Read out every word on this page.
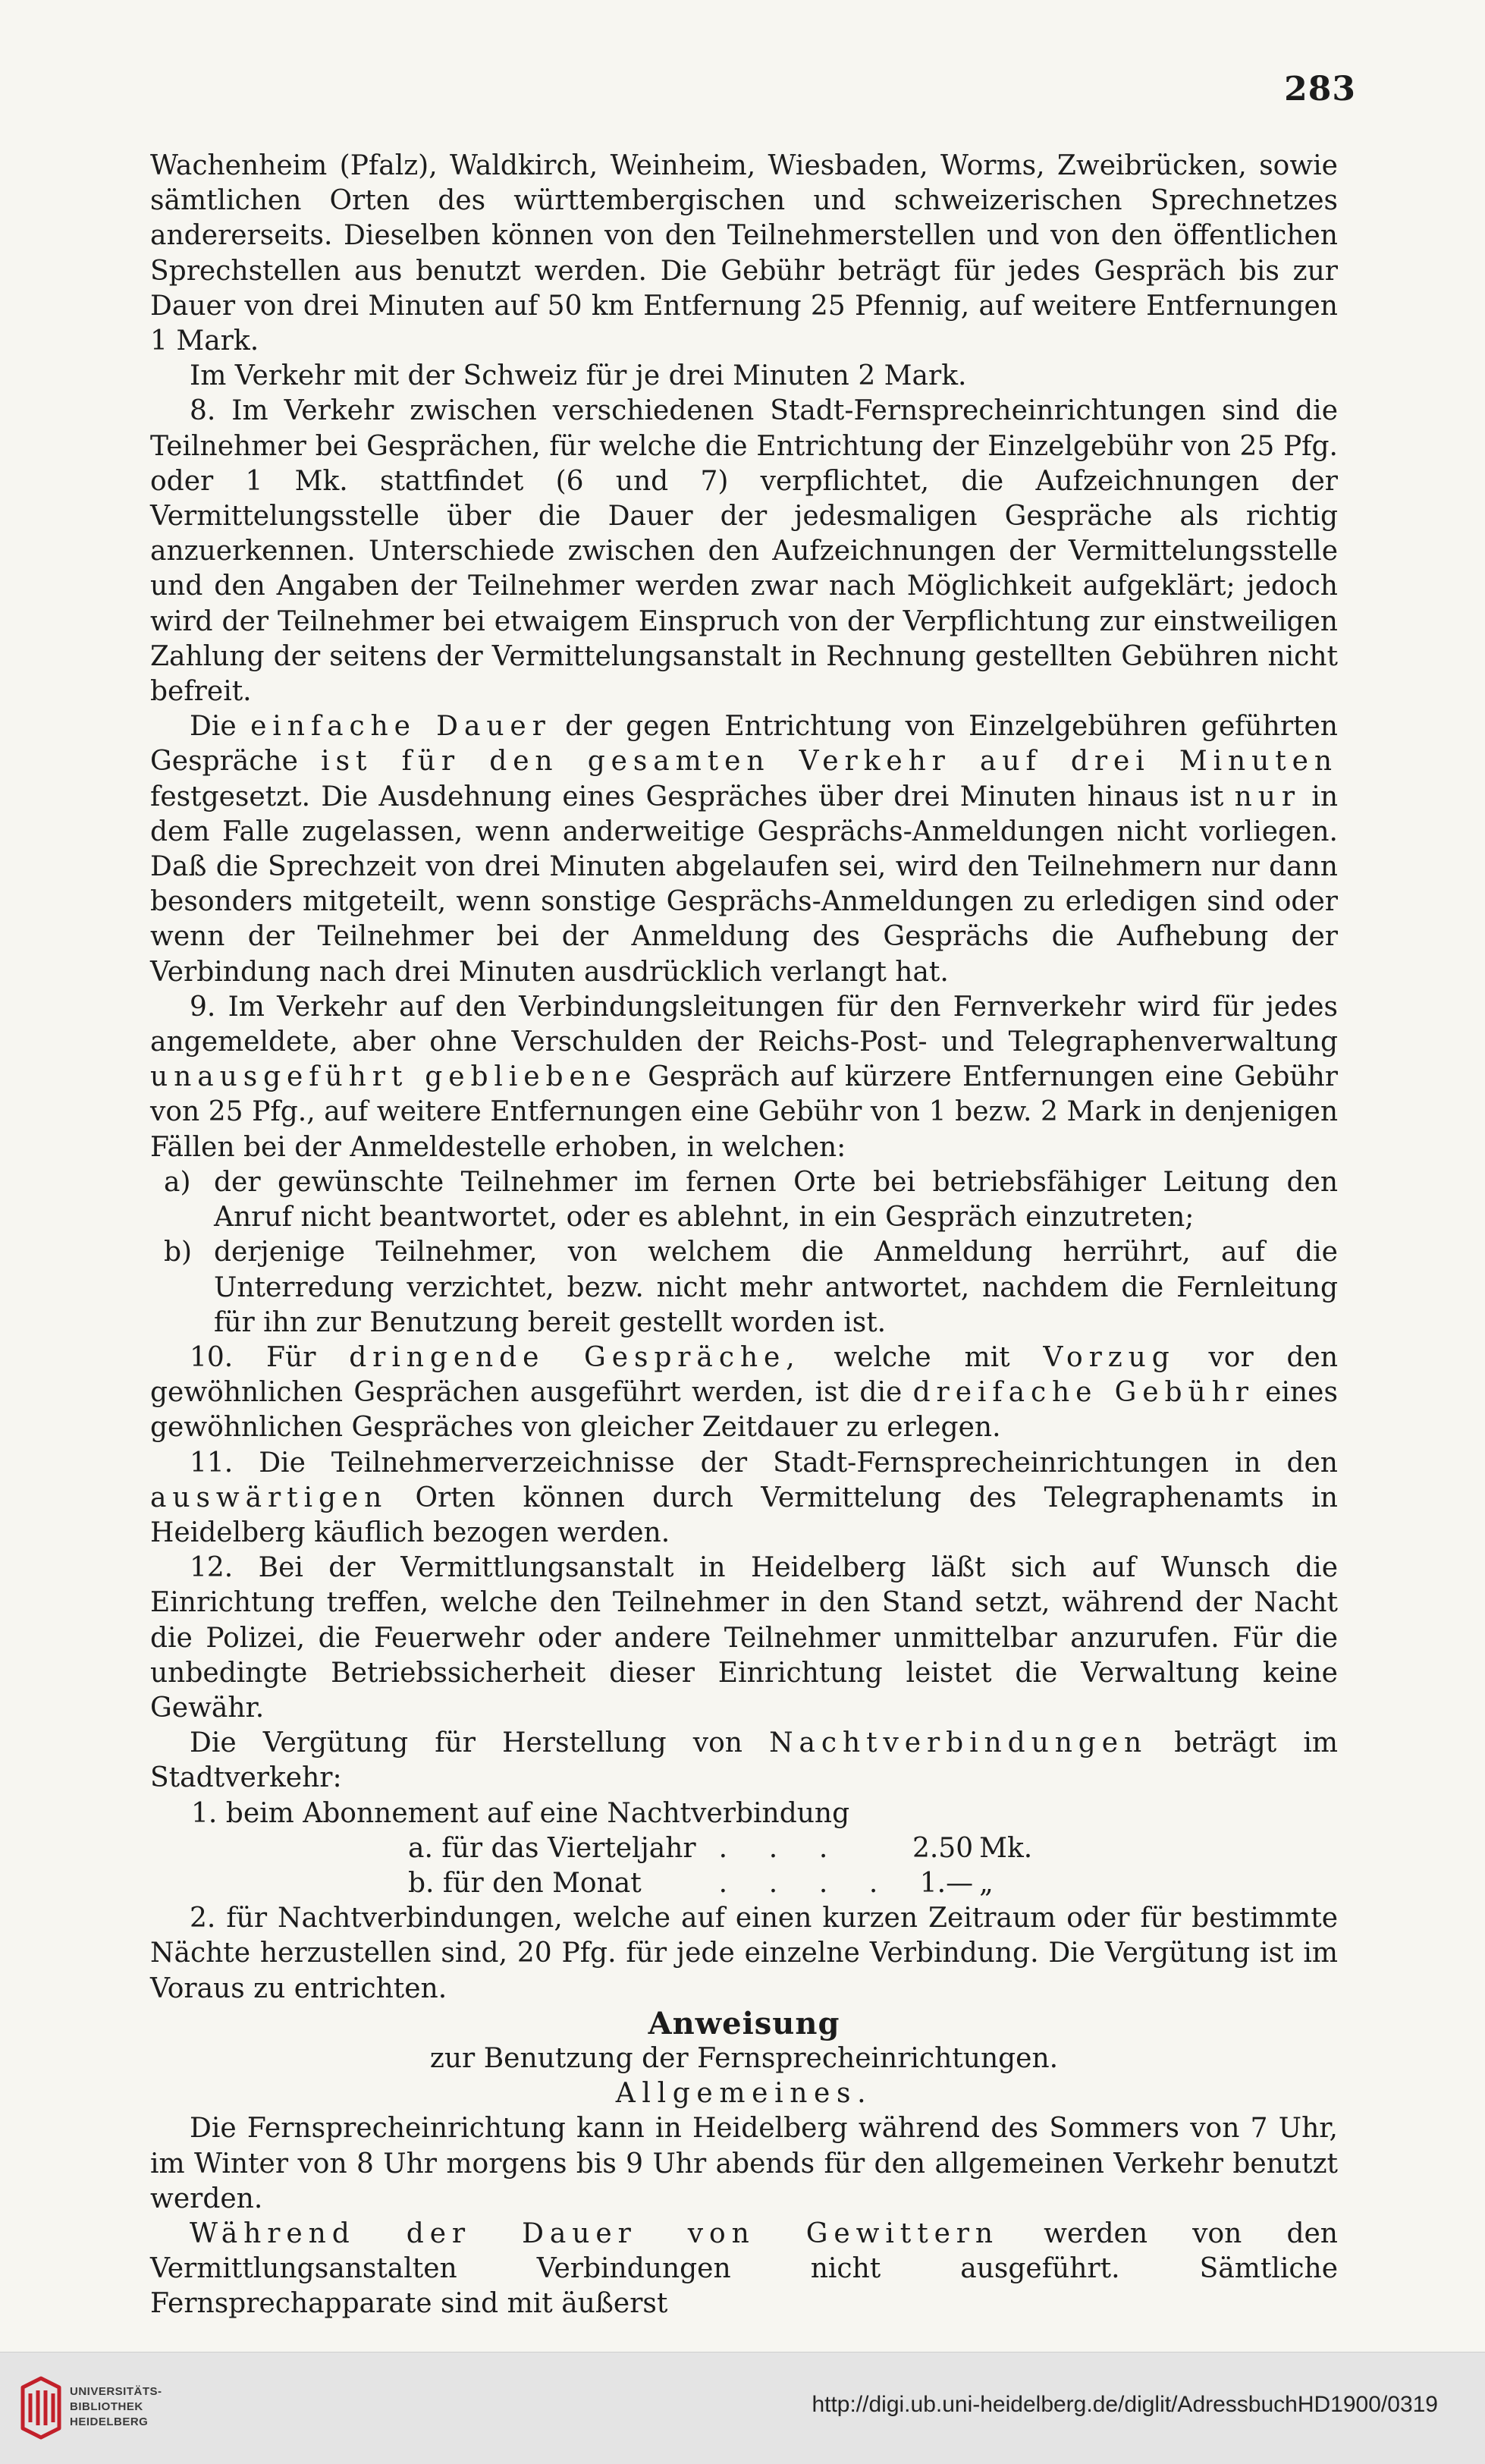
283

Wachenheim (Pfalz), Waldkirch, Weinheim, Wiesbaden, Worms, Zweibrücken, sowie sämtlichen Orten des württembergischen und schweizerischen Sprechnetzes andererseits. Dieselben können von den Teilnehmerstellen und von den öffentlichen Sprechstellen aus benutzt werden. Die Gebühr beträgt für jedes Gespräch bis zur Dauer von drei Minuten auf 50 km Entfernung 25 Pfennig, auf weitere Entfernungen 1 Mark.

Im Verkehr mit der Schweiz für je drei Minuten 2 Mark.

8. Im Verkehr zwischen verschiedenen Stadt-Fernsprecheinrichtungen sind die Teilnehmer bei Gesprächen, für welche die Entrichtung der Einzelgebühr von 25 Pfg. oder 1 Mk. stattfindet (6 und 7) verpflichtet, die Aufzeichnungen der Vermittelungsstelle über die Dauer der jedesmaligen Gespräche als richtig anzuerkennen. Unterschiede zwischen den Aufzeichnungen der Vermittelungsstelle und den Angaben der Teilnehmer werden zwar nach Möglichkeit aufgeklärt; jedoch wird der Teilnehmer bei etwaigem Einspruch von der Verpflichtung zur einstweiligen Zahlung der seitens der Vermittelungsanstalt in Rechnung gestellten Gebühren nicht befreit.

Die einfache Dauer der gegen Entrichtung von Einzelgebühren geführten Gespräche ist für den gesamten Verkehr auf drei Minuten festgesetzt. Die Ausdehnung eines Gespräches über drei Minuten hinaus ist nur in dem Falle zugelassen, wenn anderweitige Gesprächs-Anmeldungen nicht vorliegen. Daß die Sprechzeit von drei Minuten abgelaufen sei, wird den Teilnehmern nur dann besonders mitgeteilt, wenn sonstige Gesprächs-Anmeldungen zu erledigen sind oder wenn der Teilnehmer bei der Anmeldung des Gesprächs die Aufhebung der Verbindung nach drei Minuten ausdrücklich verlangt hat.

9. Im Verkehr auf den Verbindungsleitungen für den Fernverkehr wird für jedes angemeldete, aber ohne Verschulden der Reichs-Post- und Telegraphenverwaltung unausgeführt gebliebene Gespräch auf kürzere Entfernungen eine Gebühr von 25 Pfg., auf weitere Entfernungen eine Gebühr von 1 bezw. 2 Mark in denjenigen Fällen bei der Anmeldestelle erhoben, in welchen:

a) der gewünschte Teilnehmer im fernen Orte bei betriebsfähiger Leitung den Anruf nicht beantwortet, oder es ablehnt, in ein Gespräch einzutreten;

b) derjenige Teilnehmer, von welchem die Anmeldung herrührt, auf die Unterredung verzichtet, bezw. nicht mehr antwortet, nachdem die Fernleitung für ihn zur Benutzung bereit gestellt worden ist.

10. Für dringende Gespräche, welche mit Vorzug vor den gewöhnlichen Gesprächen ausgeführt werden, ist die dreifache Gebühr eines gewöhnlichen Gespräches von gleicher Zeitdauer zu erlegen.

11. Die Teilnehmerverzeichnisse der Stadt-Fernsprecheinrichtungen in den auswärtigen Orten können durch Vermittelung des Telegraphenamts in Heidelberg käuflich bezogen werden.

12. Bei der Vermittlungsanstalt in Heidelberg läßt sich auf Wunsch die Einrichtung treffen, welche den Teilnehmer in den Stand setzt, während der Nacht die Polizei, die Feuerwehr oder andere Teilnehmer unmittelbar anzurufen. Für die unbedingte Betriebssicherheit dieser Einrichtung leistet die Verwaltung keine Gewähr.

Die Vergütung für Herstellung von Nachtverbindungen beträgt im Stadtverkehr:

1. beim Abonnement auf eine Nachtverbindung

a. für das Vierteljahr	. . .	2.50	Mk.
b. für den Monat	. . . .	1.—	„

2. für Nachtverbindungen, welche auf einen kurzen Zeitraum oder für bestimmte Nächte herzustellen sind, 20 Pfg. für jede einzelne Verbindung. Die Vergütung ist im Voraus zu entrichten.

Anweisung

zur Benutzung der Fernsprecheinrichtungen.

Allgemeines.

Die Fernsprecheinrichtung kann in Heidelberg während des Sommers von 7 Uhr, im Winter von 8 Uhr morgens bis 9 Uhr abends für den allgemeinen Verkehr benutzt werden.

Während der Dauer von Gewittern werden von den Vermittlungsanstalten Verbindungen nicht ausgeführt. Sämtliche Fernsprechapparate sind mit äußerst

UNIVERSITÄTS-
BIBLIOTHEK
HEIDELBERG
http://digi.ub.uni-heidelberg.de/diglit/AdressbuchHD1900/0319
